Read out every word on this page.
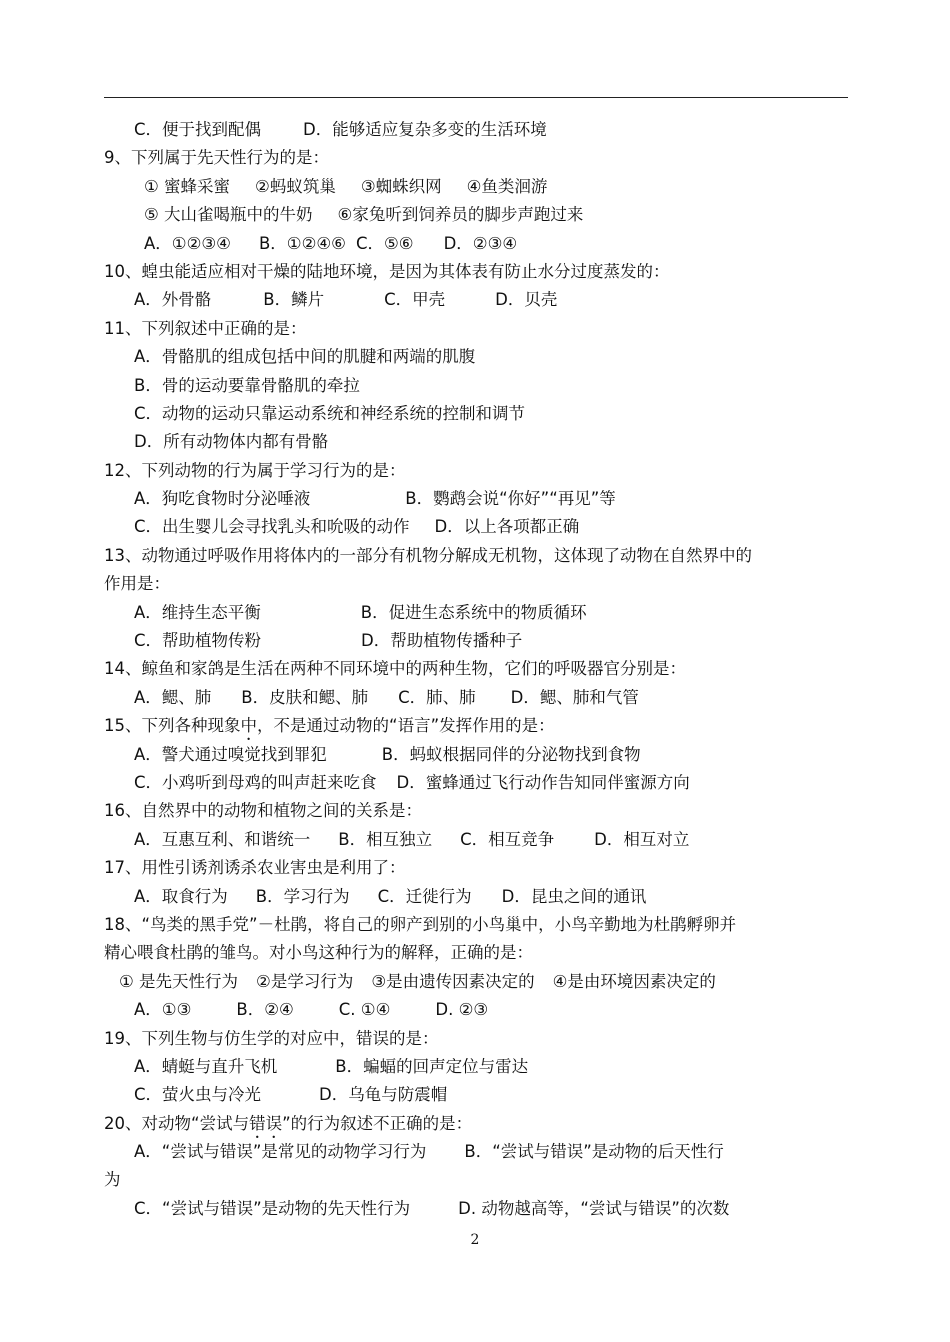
C．便于找到配偶	D．能够适应复杂多变的生活环境
9、下列属于先天性行为的是：
① 蜜蜂采蜜 ②蚂蚁筑巢 ③蜘蛛织网 ④鱼类洄游
⑤ 大山雀喝瓶中的牛奶 ⑥家兔听到饲养员的脚步声跑过来
A．①②③④ B．①②④⑥ C．⑤⑥ D．②③④
10、蝗虫能适应相对干燥的陆地环境，是因为其体表有防止水分过度蒸发的：
A．外骨骼	B．鳞片	C．甲壳	D．贝壳
11、下列叙述中正确的是：
A．骨骼肌的组成包括中间的肌腱和两端的肌腹
B．骨的运动要靠骨骼肌的牵拉
C．动物的运动只靠运动系统和神经系统的控制和调节
D．所有动物体内都有骨骼
12、下列动物的行为属于学习行为的是：
A．狗吃食物时分泌唾液	B．鹦鹉会说“你好”“再见”等
C．出生婴儿会寻找乳头和吮吸的动作 D．以上各项都正确
13、动物通过呼吸作用将体内的一部分有机物分解成无机物，这体现了动物在自然界中的
作用是：
A．维持生态平衡	B．促进生态系统中的物质循环
C．帮助植物传粉	D．帮助植物传播种子
14、鲸鱼和家鸽是生活在两种不同环境中的两种生物，它们的呼吸器官分别是：
A．鳃、肺 B．皮肤和鳃、肺 C．肺、肺 D．鳃、肺和气管
15、下列各种现象中，不是通过动物的“语言”发挥作用的是：
A．警犬通过嗅觉找到罪犯	B．蚂蚁根据同伴的分泌物找到食物
C．小鸡听到母鸡的叫声赶来吃食 D．蜜蜂通过飞行动作告知同伴蜜源方向
16、自然界中的动物和植物之间的关系是：
A．互惠互利、和谐统一 B．相互独立 C．相互竞争 D．相互对立
17、用性引诱剂诱杀农业害虫是利用了：
A．取食行为 B．学习行为 C．迁徙行为 D．昆虫之间的通讯
18、“鸟类的黑手党”－杜鹃，将自己的卵产到别的小鸟巢中，小鸟辛勤地为杜鹃孵卵并
精心喂食杜鹃的雏鸟。对小鸟这种行为的解释，正确的是：
① 是先天性行为 ②是学习行为 ③是由遗传因素决定的 ④是由环境因素决定的
A．①③	B．②④	C. ①④	D. ②③
19、下列生物与仿生学的对应中，错误的是：
A．蜻蜓与直升飞机	B．蝙蝠的回声定位与雷达
C．萤火虫与冷光	D．乌龟与防震帽
20、对动物“尝试与错误”的行为叙述不正确的是：
A．“尝试与错误”是常见的动物学习行为 B．“尝试与错误”是动物的后天性行
为
C．“尝试与错误”是动物的先天性行为	D. 动物越高等，“尝试与错误”的次数
2
